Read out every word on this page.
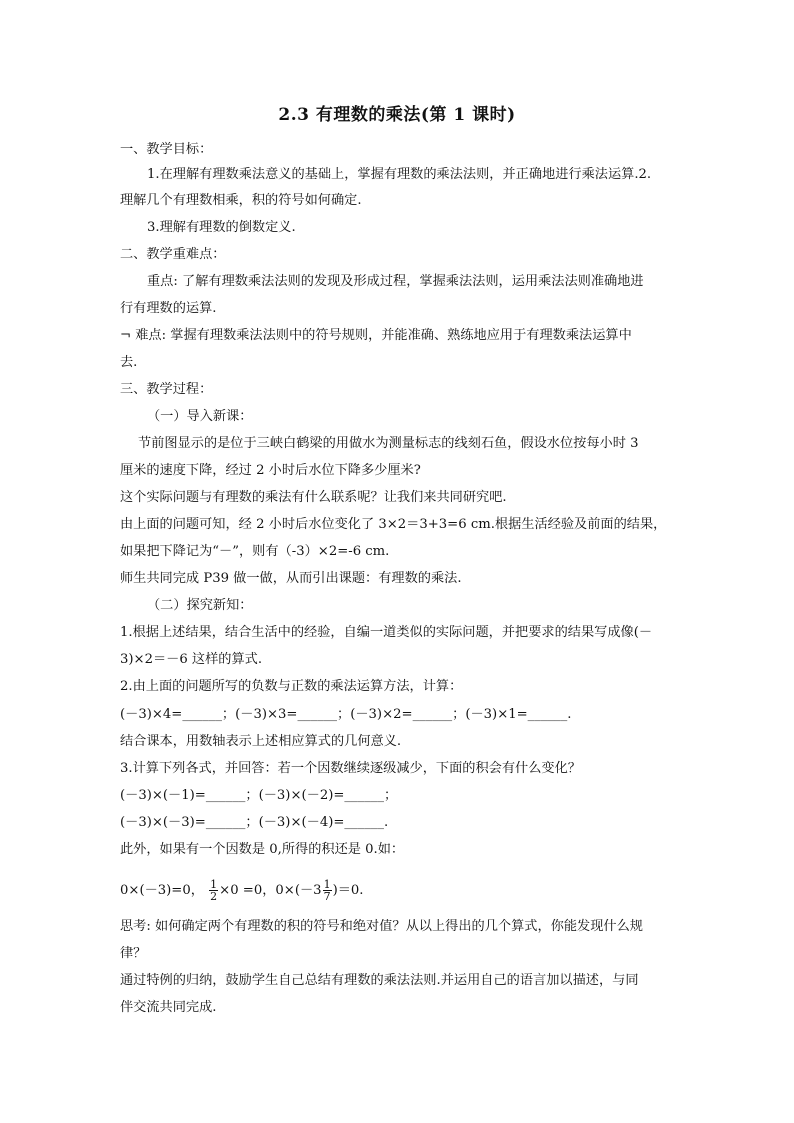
2.3 有理数的乘法(第 1 课时)
一、教学目标：
1.在理解有理数乘法意义的基础上，掌握有理数的乘法法则，并正确地进行乘法运算.2.
理解几个有理数相乘，积的符号如何确定.
3.理解有理数的倒数定义.
二、教学重难点：
重点: 了解有理数乘法法则的发现及形成过程，掌握乘法法则，运用乘法法则准确地进
行有理数的运算.
¬ 难点: 掌握有理数乘法法则中的符号规则，并能准确、熟练地应用于有理数乘法运算中
去.
三、教学过程：
（一）导入新课：
节前图显示的是位于三峡白鹤梁的用做水为测量标志的线刻石鱼，假设水位按每小时 3
厘米的速度下降，经过 2 小时后水位下降多少厘米?
这个实际问题与有理数的乘法有什么联系呢？让我们来共同研究吧.
由上面的问题可知，经 2 小时后水位变化了 3×2＝3+3=6 cm.根据生活经验及前面的结果，
如果把下降记为“－”，则有（-3）×2=-6 cm.
师生共同完成 P39 做一做，从而引出课题：有理数的乘法.
（二）探究新知：
1.根据上述结果，结合生活中的经验，自编一道类似的实际问题，并把要求的结果写成像(－
3)×2＝－6 这样的算式.
2.由上面的问题所写的负数与正数的乘法运算方法，计算：
(－3)×4=______；(－3)×3=______；(－3)×2=______；(－3)×1=______.
结合课本，用数轴表示上述相应算式的几何意义.
3.计算下列各式，并回答：若一个因数继续逐级减少，下面的积会有什么变化？
(－3)×(－1)=______；(－3)×(－2)=______；
(－3)×(－3)=______；(－3)×(－4)=______.
此外，如果有一个因数是 0,所得的积还是 0.如：
0×(－3)=0， $\frac{1}{2} \times 0 =0$，$0\times(-3 \frac{1}{7} )=0$.
思考: 如何确定两个有理数的积的符号和绝对值？从以上得出的几个算式，你能发现什么规
律？
通过特例的归纳，鼓励学生自己总结有理数的乘法法则.并运用自己的语言加以描述，与同
伴交流共同完成.
